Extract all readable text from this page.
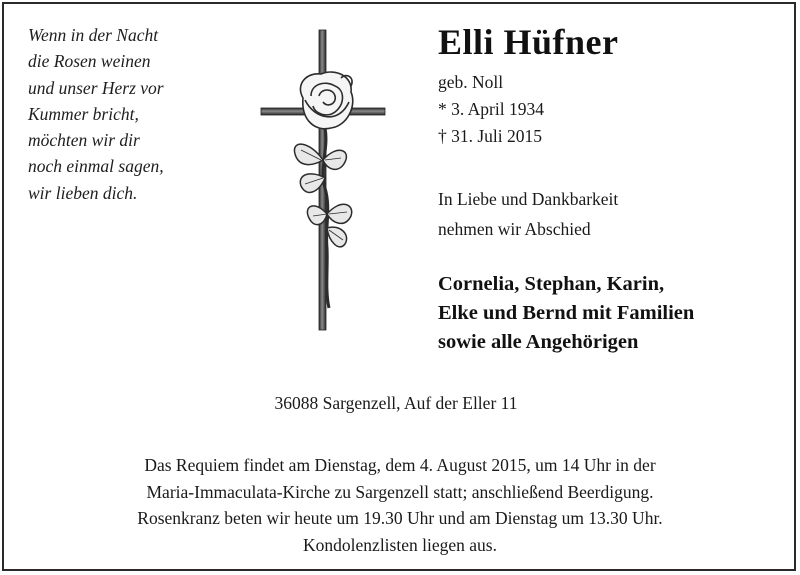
Wenn in der Nacht
die Rosen weinen
und unser Herz vor
Kummer bricht,
möchten wir dir
noch einmal sagen,
wir lieben dich.
Elli Hüfner
geb. Noll
* 3. April 1934
† 31. Juli 2015
In Liebe und Dankbarkeit
nehmen wir Abschied
Cornelia, Stephan, Karin,
Elke und Bernd mit Familien
sowie alle Angehörigen
36088 Sargenzell, Auf der Eller 11
Das Requiem findet am Dienstag, dem 4. August 2015, um 14 Uhr in der
Maria-Immaculata-Kirche zu Sargenzell statt; anschließend Beerdigung.
Rosenkranz beten wir heute um 19.30 Uhr und am Dienstag um 13.30 Uhr.
Kondolenzlisten liegen aus.
